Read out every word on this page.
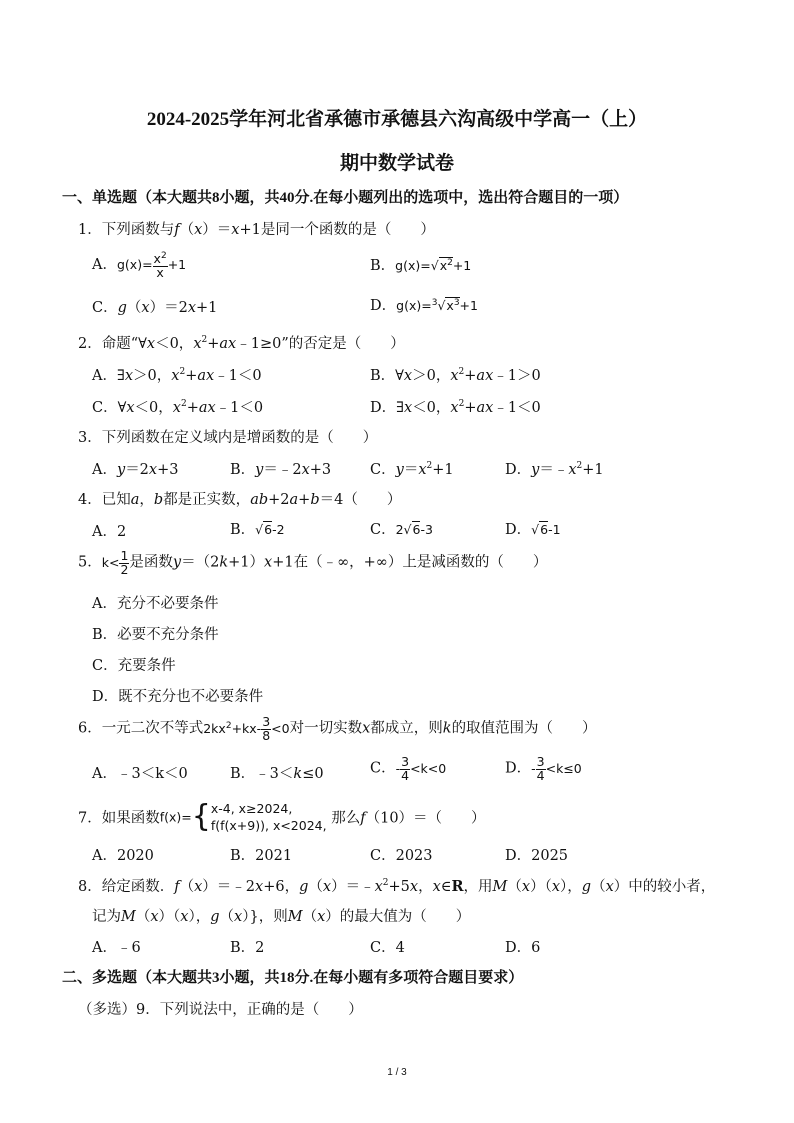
2024-2025学年河北省承德市承德县六沟高级中学高一（上）
期中数学试卷
一、单选题（本大题共8小题，共40分.在每小题列出的选项中，选出符合题目的一项）
1．下列函数与f（x）＝x+1是同一个函数的是（　　）
A．$g(x)= \frac{x^2}{x} +1$	B．$g(x)=√x^2+1$
C．g（x）＝2x+1	D．$g(x)=^3√x^3+1$
2．命题“∀x＜0，$x^2+ax﹣1\ge 0$”的否定是（　　）
A．∃x＞0，$x^2+ax﹣1<0$	B．∀x＞0，$x^2+ax﹣1>0$
C．∀x＜0，$x^2+ax﹣1<0$	D．∃x＜0，$x^2+ax﹣1<0$
3．下列函数在定义域内是增函数的是（　　）
A．y＝2x+3	B．y＝﹣2x+3	C．$y=x^2+1$	D．$y=﹣x^2+1$
4．已知a，b都是正实数，ab+2a+b＝4（　　）
A．2	B．√6-2	C．2√6-3	D．√6-1
5．$k< \frac{1}{2}$ 是函数y＝（2k+1）x+1在（﹣∞，+∞）上是减函数的（　　）
A．充分不必要条件
B．必要不充分条件
C．充要条件
D．既不充分也不必要条件
6．一元二次不等式$2kx^2+kx- \frac{3}{8} <0$对一切实数x都成立，则k的取值范围为（　　）
A．﹣3＜k＜0	B．﹣3＜k≤0	C．- $\frac{3}{4} <k<0$	D．- $\frac{3}{4} <k\le 0$
7．如果函数f(x)={x-4, x≥2024,
f(f(x+9)), x<2024, 那么f（10）＝（　　）
A．2020	B．2021	C．2023	D．2025
8．给定函数．f（x）＝﹣2x+6，$g(x)=﹣x^2+5x$，x∈R，用M（x）（x），g（x）中的较小者，
记为M（x）（x），g（x）}，则M（x）的最大值为（　　）
A．﹣6	B．2	C．4	D．6
二、多选题（本大题共3小题，共18分.在每小题有多项符合题目要求）
（多选）9．下列说法中，正确的是（　　）
1 / 3
